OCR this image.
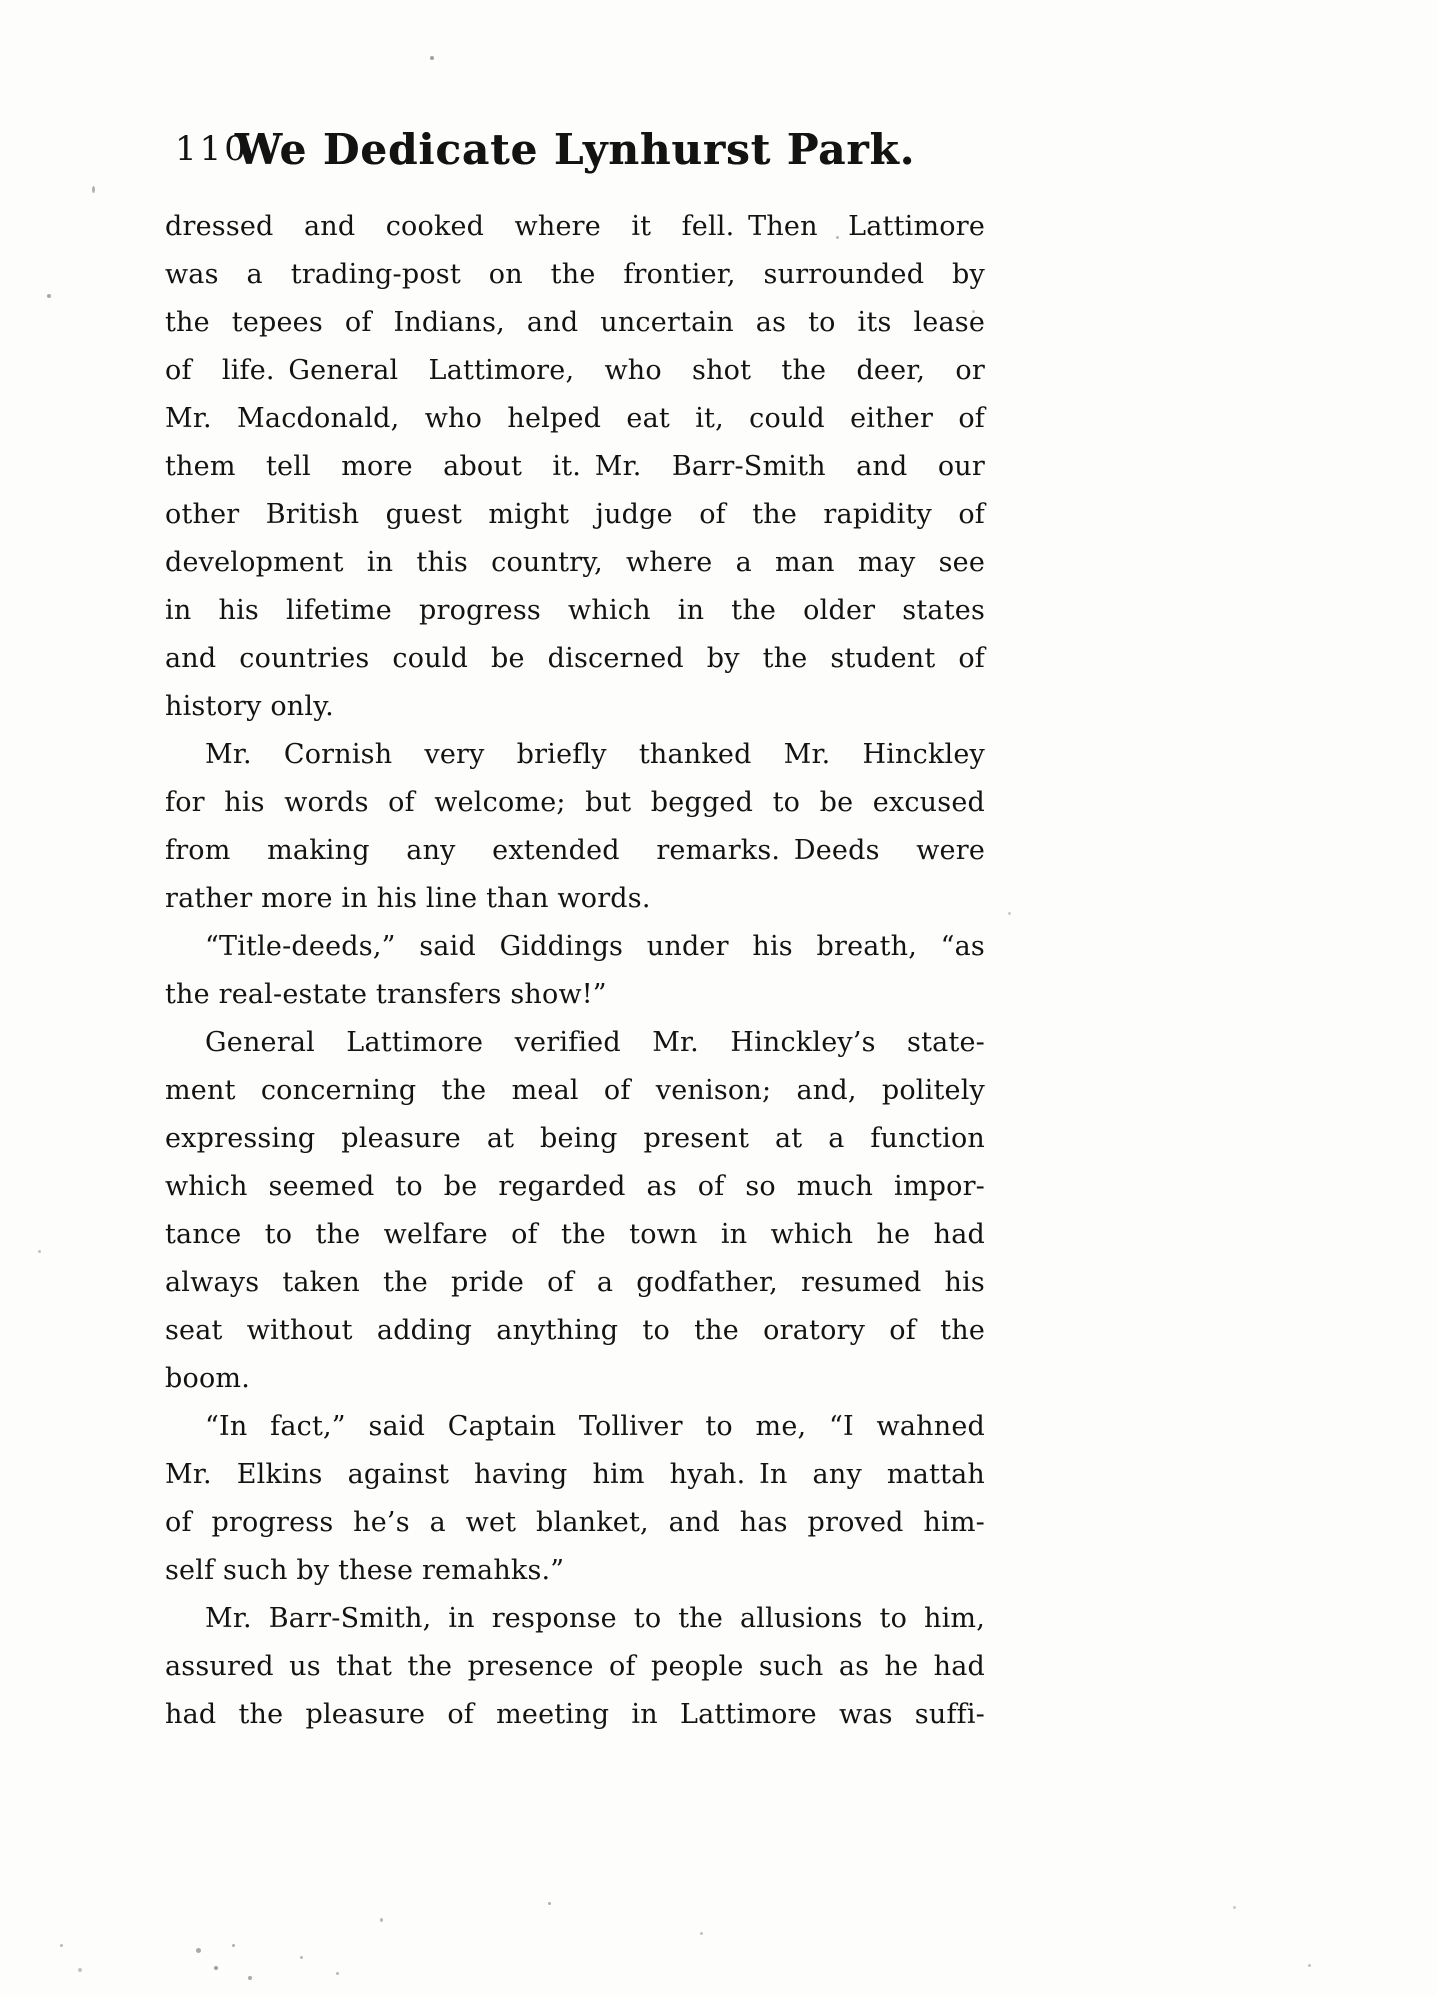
110
We Dedicate Lynhurst Park.
dressed and cooked where it fell. Then Lattimore
was a trading-post on the frontier, surrounded by
the tepees of Indians, and uncertain as to its lease
of life. General Lattimore, who shot the deer, or
Mr. Macdonald, who helped eat it, could either of
them tell more about it. Mr. Barr-Smith and our
other British guest might judge of the rapidity of
development in this country, where a man may see
in his lifetime progress which in the older states
and countries could be discerned by the student of
history only.
Mr. Cornish very briefly thanked Mr. Hinckley
for his words of welcome; but begged to be excused
from making any extended remarks. Deeds were
rather more in his line than words.
“Title-deeds,” said Giddings under his breath, “as
the real-estate transfers show!”
General Lattimore verified Mr. Hinckley’s state-
ment concerning the meal of venison; and, politely
expressing pleasure at being present at a function
which seemed to be regarded as of so much impor-
tance to the welfare of the town in which he had
always taken the pride of a godfather, resumed his
seat without adding anything to the oratory of the
boom.
“In fact,” said Captain Tolliver to me, “I wahned
Mr. Elkins against having him hyah. In any mattah
of progress he’s a wet blanket, and has proved him-
self such by these remahks.”
Mr. Barr-Smith, in response to the allusions to him,
assured us that the presence of people such as he had
had the pleasure of meeting in Lattimore was suffi-
